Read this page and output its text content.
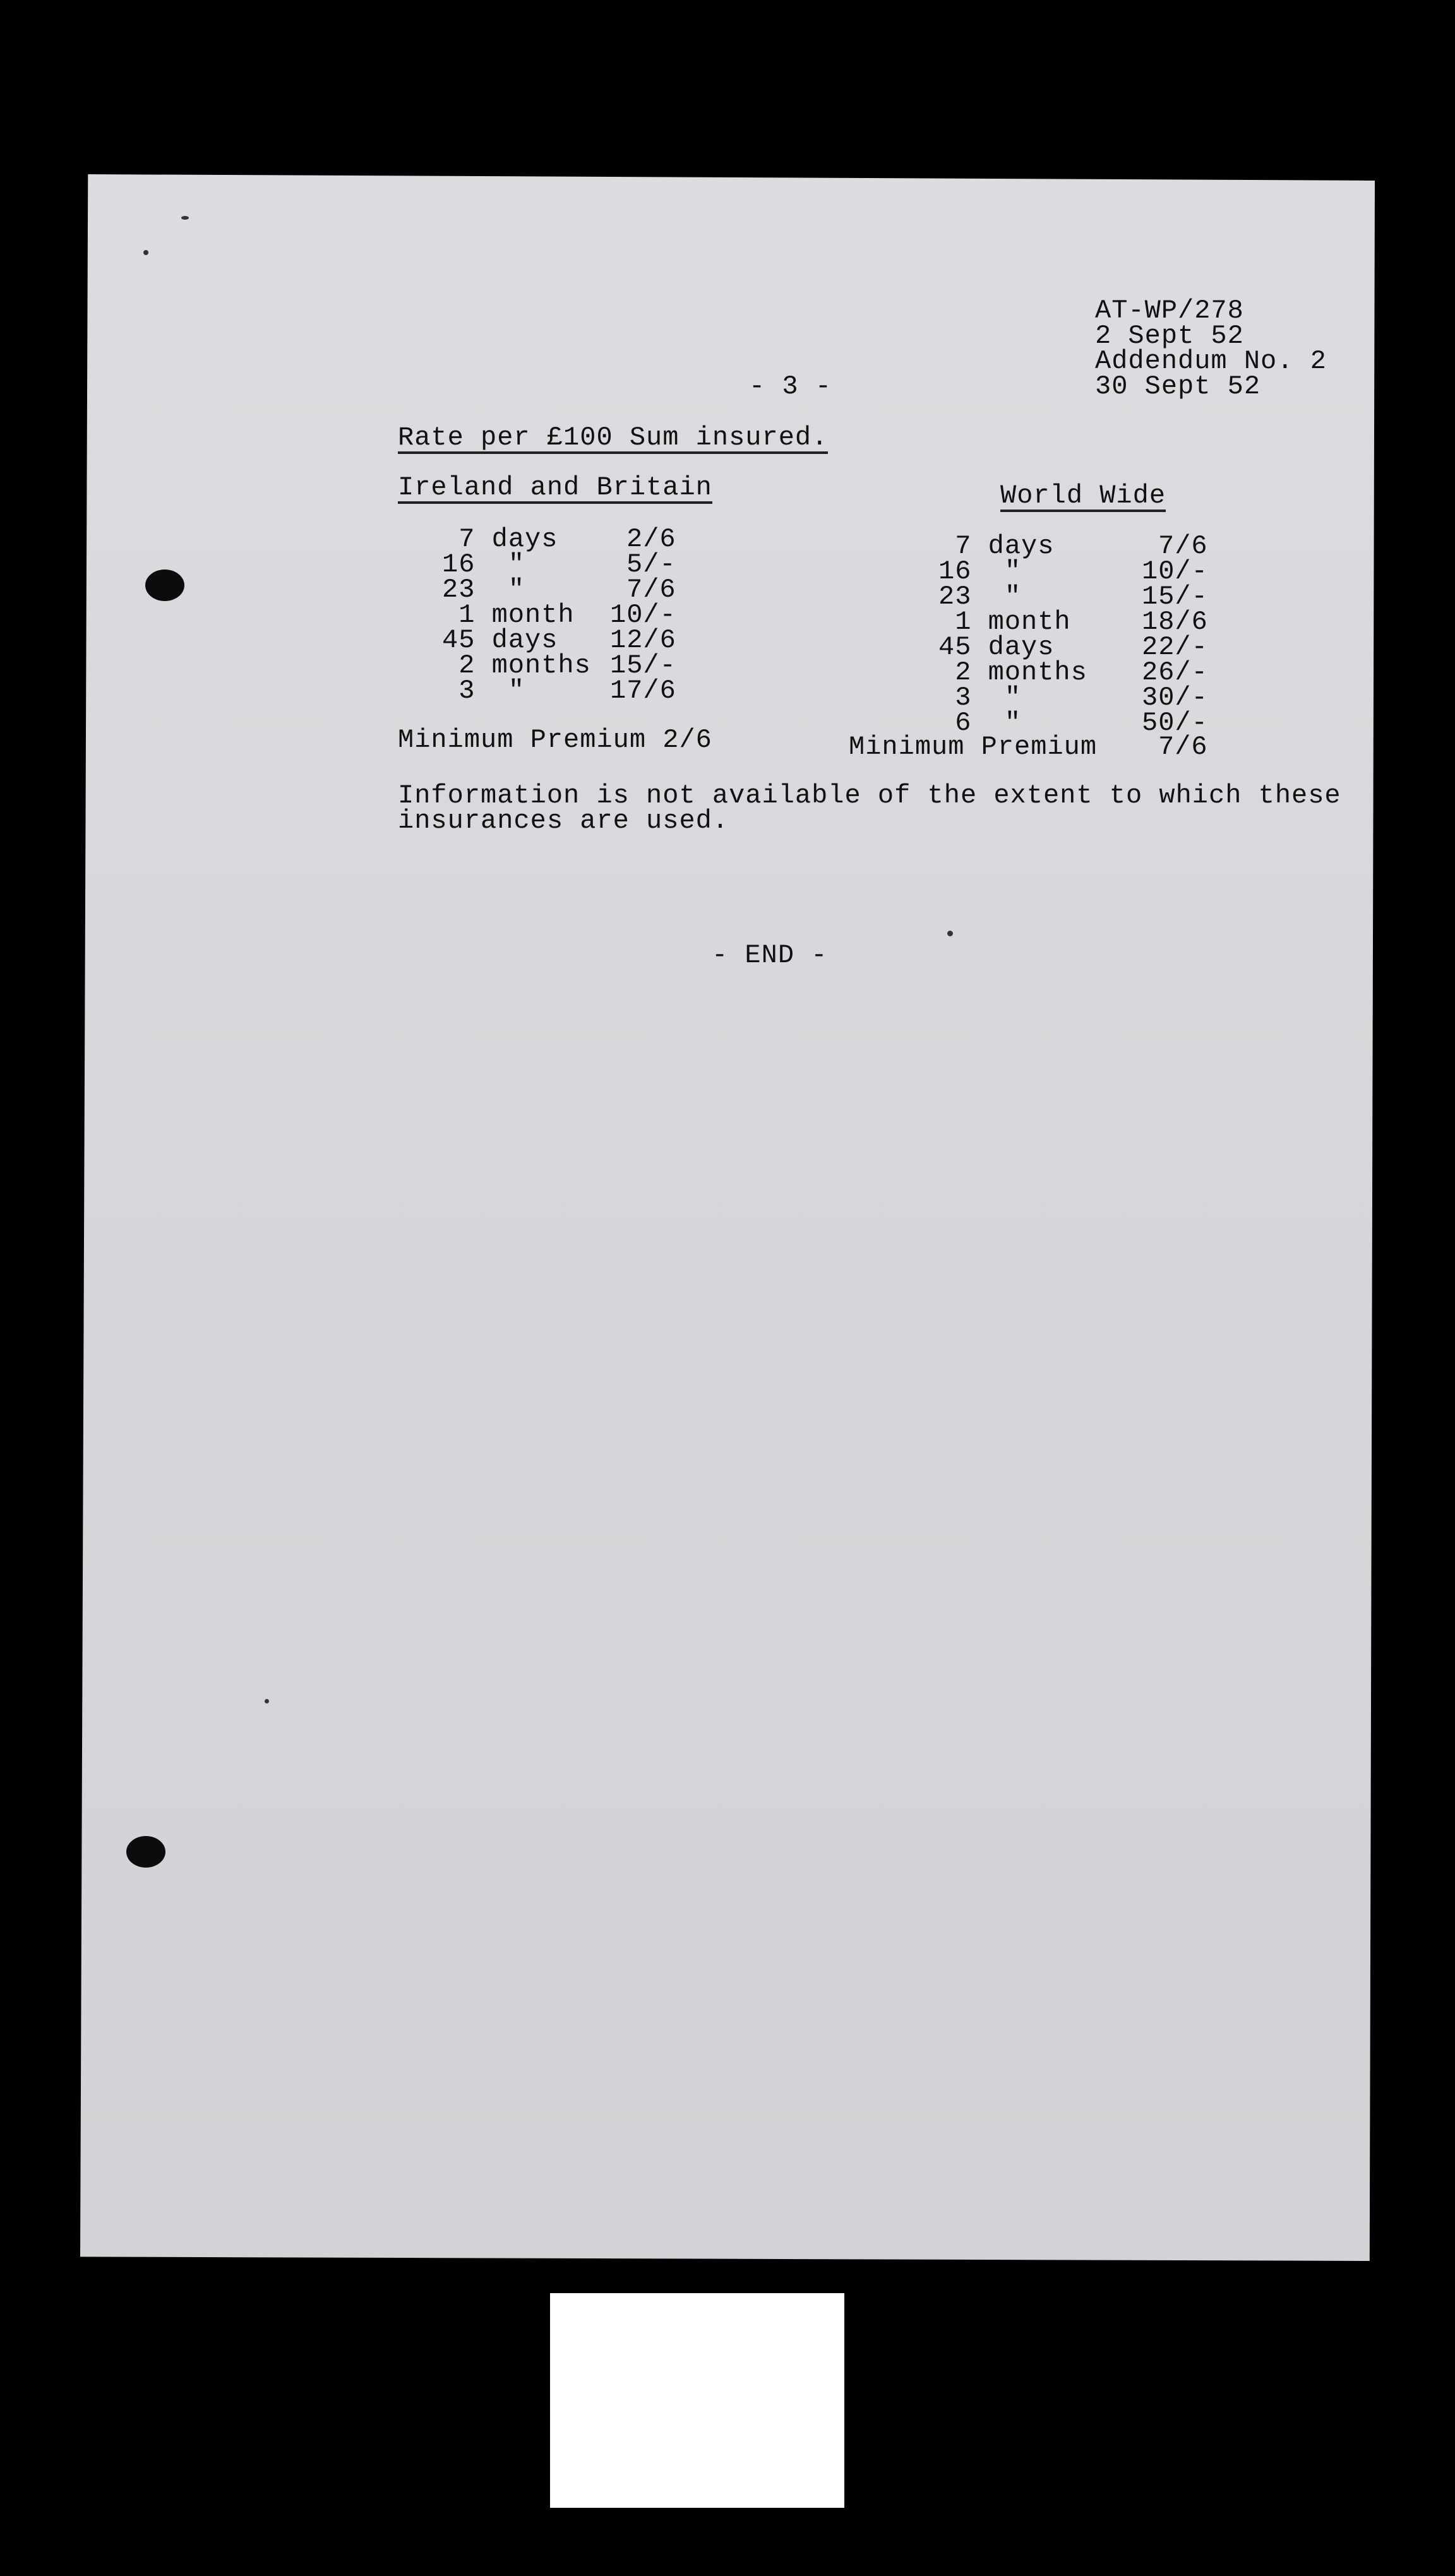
AT-WP/278
2 Sept 52
Addendum No. 2
30 Sept 52
- 3 -
Rate per £100 Sum insured.
Ireland and Britain
7 days	2/6
16  "	5/-
23  "	7/6
1 month 10/-
45 days 12/6
2 months 15/-
3  "	17/6
Minimum Premium 2/6
World Wide
7 days	7/6
16  "	10/-
23  "	15/-
1 month	18/6
45 days	22/-
2 months 26/-
3  "	30/-
6  "	50/-
Minimum Premium 7/6
Information is not available of the extent to which these
insurances are used.
- END -
